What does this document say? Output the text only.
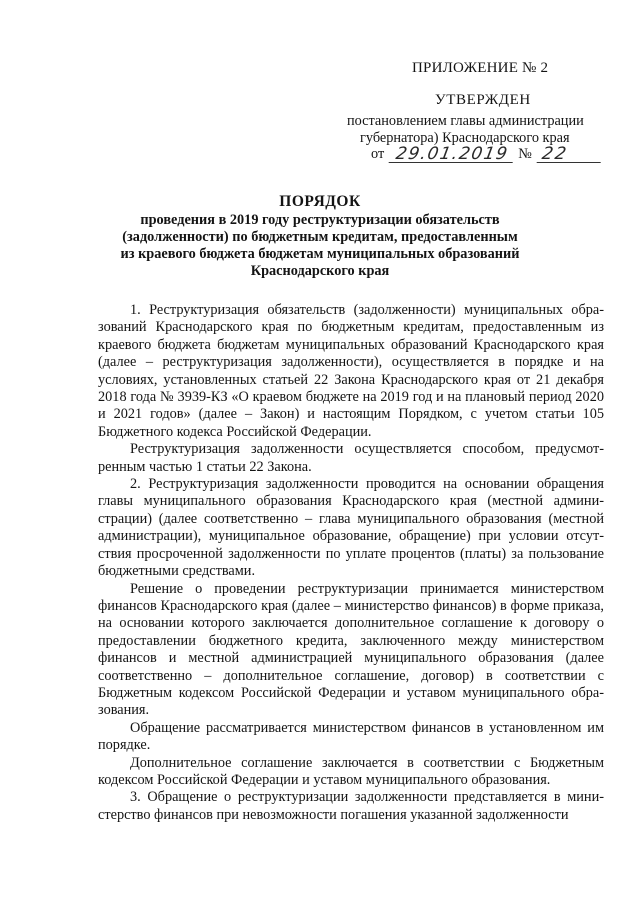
ПРИЛОЖЕНИЕ № 2
УТВЕРЖДЕН
постановлением главы администрации
губернатора) Краснодарского края
от 29.01.2019 № 22
ПОРЯДОК
проведения в 2019 году реструктуризации обязательств
(задолженности) по бюджетным кредитам, предоставленным
из краевого бюджета бюджетам муниципальных образований
Краснодарского края

1. Реструктуризация обязательств (задолженности) муниципальных образований Краснодарского края по бюджетным кредитам, предоставленным из краевого бюджета бюджетам муниципальных образований Краснодарского края (далее – реструктуризация задолженности), осуществляется в порядке и на условиях, установленных статьей 22 Закона Краснодарского края от 21 декабря 2018 года № 3939-КЗ «О краевом бюджете на 2019 год и на плановый период 2020 и 2021 годов» (далее – Закон) и настоящим Порядком, с учетом статьи 105 Бюджетного кодекса Российской Федерации.

Реструктуризация задолженности осуществляется способом, предусмотренным частью 1 статьи 22 Закона.

2. Реструктуризация задолженности проводится на основании обращения главы муниципального образования Краснодарского края (местной администрации) (далее соответственно – глава муниципального образования (местной администрации), муниципальное образование, обращение) при условии отсутствия просроченной задолженности по уплате процентов (платы) за пользование бюджетными средствами.

Решение о проведении реструктуризации принимается министерством финансов Краснодарского края (далее – министерство финансов) в форме приказа, на основании которого заключается дополнительное соглашение к договору о предоставлении бюджетного кредита, заключенного между министерством финансов и местной администрацией муниципального образования (далее соответственно – дополнительное соглашение, договор) в соответствии с Бюджетным кодексом Российской Федерации и уставом муниципального образования.

Обращение рассматривается министерством финансов в установленном им порядке.

Дополнительное соглашение заключается в соответствии с Бюджетным кодексом Российской Федерации и уставом муниципального образования.

3. Обращение о реструктуризации задолженности представляется в министерство финансов при невозможности погашения указанной задолженности
